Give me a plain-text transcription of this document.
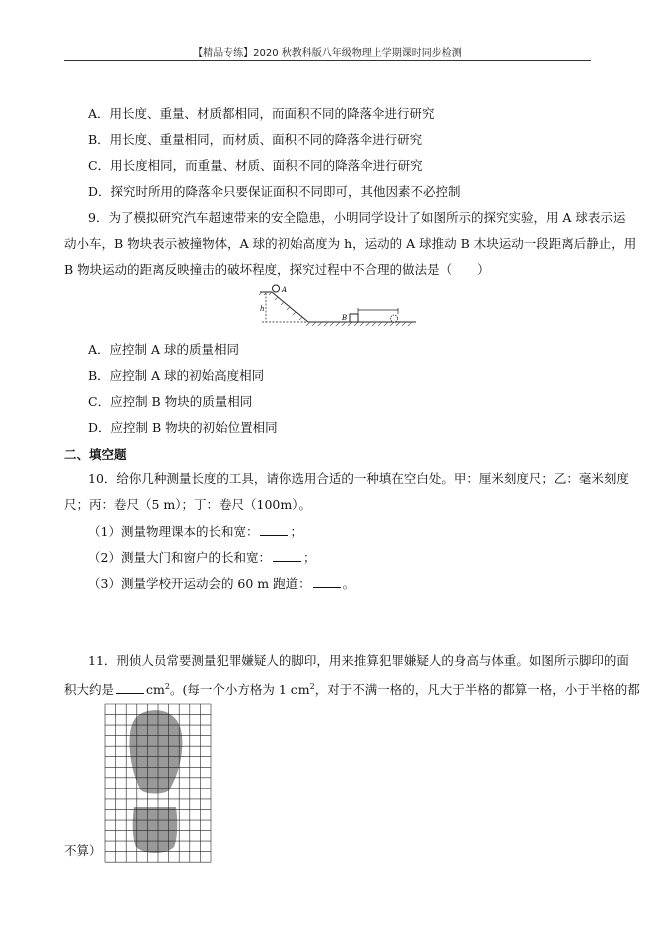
【精品专练】2020 秋教科版八年级物理上学期课时同步检测
A．用长度、重量、材质都相同，而面积不同的降落伞进行研究
B．用长度、重量相同，而材质、面积不同的降落伞进行研究
C．用长度相同，而重量、材质、面积不同的降落伞进行研究
D．探究时所用的降落伞只要保证面积不同即可，其他因素不必控制
9．为了模拟研究汽车超速带来的安全隐患，小明同学设计了如图所示的探究实验，用 A 球表示运
动小车，B 物块表示被撞物体，A 球的初始高度为 h，运动的 A 球推动 B 木块运动一段距离后静止，用
B 物块运动的距离反映撞击的破坏程度，探究过程中不合理的做法是（　　）
A
h
B
A．应控制 A 球的质量相同
B．应控制 A 球的初始高度相同
C．应控制 B 物块的质量相同
D．应控制 B 物块的初始位置相同
二、填空题
10．给你几种测量长度的工具，请你选用合适的一种填在空白处。甲：厘米刻度尺；乙：毫米刻度
尺；丙：卷尺（5 m）；丁：卷尺（100m）。
（1）测量物理课本的长和宽：	；
（2）测量大门和窗户的长和宽：	；
（3）测量学校开运动会的 60 m 跑道：	。
11．刑侦人员常要测量犯罪嫌疑人的脚印，用来推算犯罪嫌疑人的身高与体重。如图所示脚印的面
积大约是	$cm^2$。(每一个小方格为 1 $cm^2$，对于不满一格的，凡大于半格的都算一格，小于半格的都
不算）
